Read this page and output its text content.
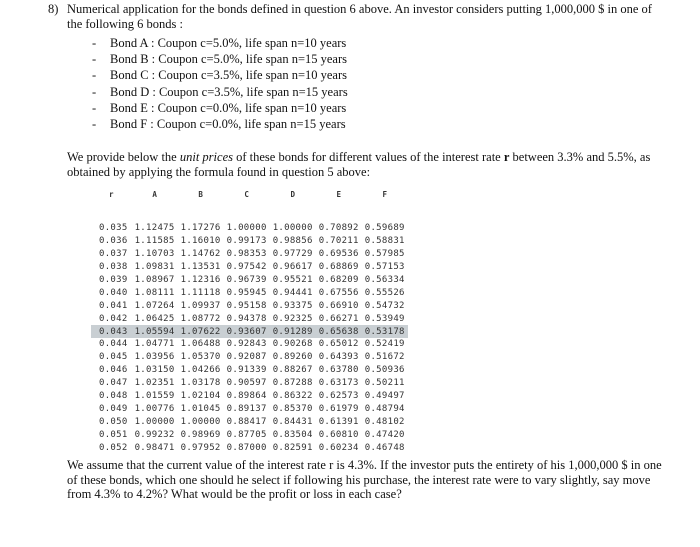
8) Numerical application for the bonds defined in question 6 above. An investor considers putting 1,000,000 $ in one of the following 6 bonds :
- Bond A : Coupon c=5.0%, life span n=10 years
- Bond B : Coupon c=5.0%, life span n=15 years
- Bond C : Coupon c=3.5%, life span n=10 years
- Bond D : Coupon c=3.5%, life span n=15 years
- Bond E : Coupon c=0.0%, life span n=10 years
- Bond F : Coupon c=0.0%, life span n=15 years
We provide below the unit prices of these bonds for different values of the interest rate r between 3.3% and 5.5%, as obtained by applying the formula found in question 5 above:
r	A	B	C	D	E	F

0.035	1.12475	1.17276	1.00000	1.00000	0.70892	0.59689
0.036	1.11585	1.16010	0.99173	0.98856	0.70211	0.58831
0.037	1.10703	1.14762	0.98353	0.97729	0.69536	0.57985
0.038	1.09831	1.13531	0.97542	0.96617	0.68869	0.57153
0.039	1.08967	1.12316	0.96739	0.95521	0.68209	0.56334
0.040	1.08111	1.11118	0.95945	0.94441	0.67556	0.55526
0.041	1.07264	1.09937	0.95158	0.93375	0.66910	0.54732
0.042	1.06425	1.08772	0.94378	0.92325	0.66271	0.53949
0.043	1.05594	1.07622	0.93607	0.91289	0.65638	0.53178
0.044	1.04771	1.06488	0.92843	0.90268	0.65012	0.52419
0.045	1.03956	1.05370	0.92087	0.89260	0.64393	0.51672
0.046	1.03150	1.04266	0.91339	0.88267	0.63780	0.50936
0.047	1.02351	1.03178	0.90597	0.87288	0.63173	0.50211
0.048	1.01559	1.02104	0.89864	0.86322	0.62573	0.49497
0.049	1.00776	1.01045	0.89137	0.85370	0.61979	0.48794
0.050	1.00000	1.00000	0.88417	0.84431	0.61391	0.48102
0.051	0.99232	0.98969	0.87705	0.83504	0.60810	0.47420
0.052	0.98471	0.97952	0.87000	0.82591	0.60234	0.46748
We assume that the current value of the interest rate r is 4.3%. If the investor puts the entirety of his 1,000,000 $ in one of these bonds, which one should he select if following his purchase, the interest rate were to vary slightly, say move from 4.3% to 4.2%? What would be the profit or loss in each case?
